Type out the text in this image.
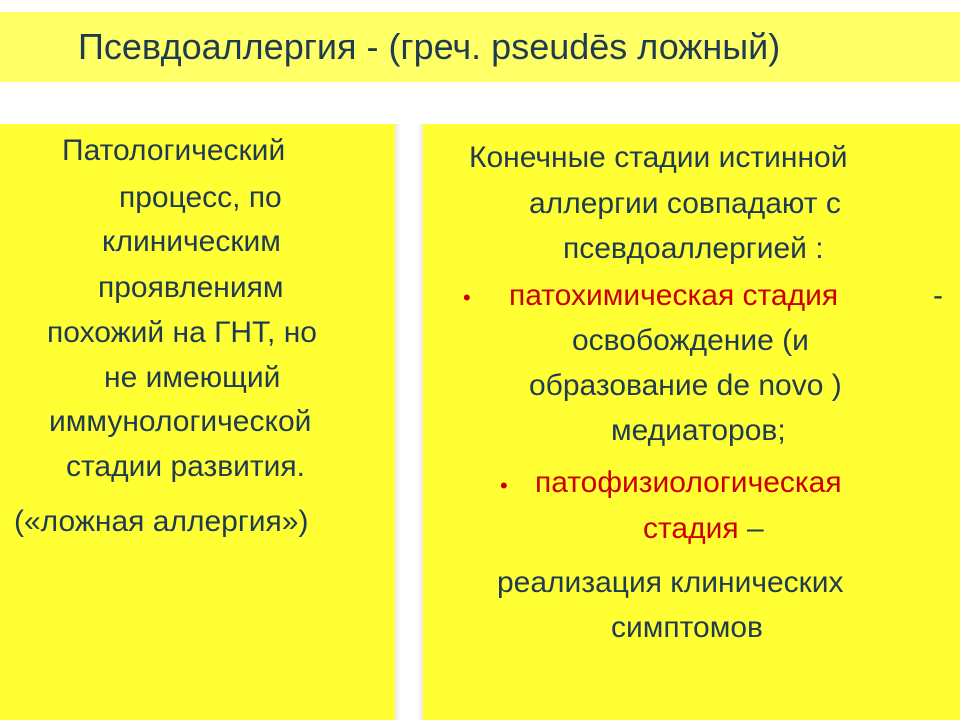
Псевдоаллергия - (греч. pseudēs ложный)
Патологический
процесс, по
клиническим
проявлениям
похожий на ГНТ, но
не имеющий
иммунологической
стадии развития.
(«ложная аллергия»)
Конечные стадии истинной
аллергии совпадают с
псевдоаллергией :
• патохимическая стадия	-
освобождение (и
образование de novo )
медиаторов;
• патофизиологическая
стадия –
реализация клинических
симптомов
